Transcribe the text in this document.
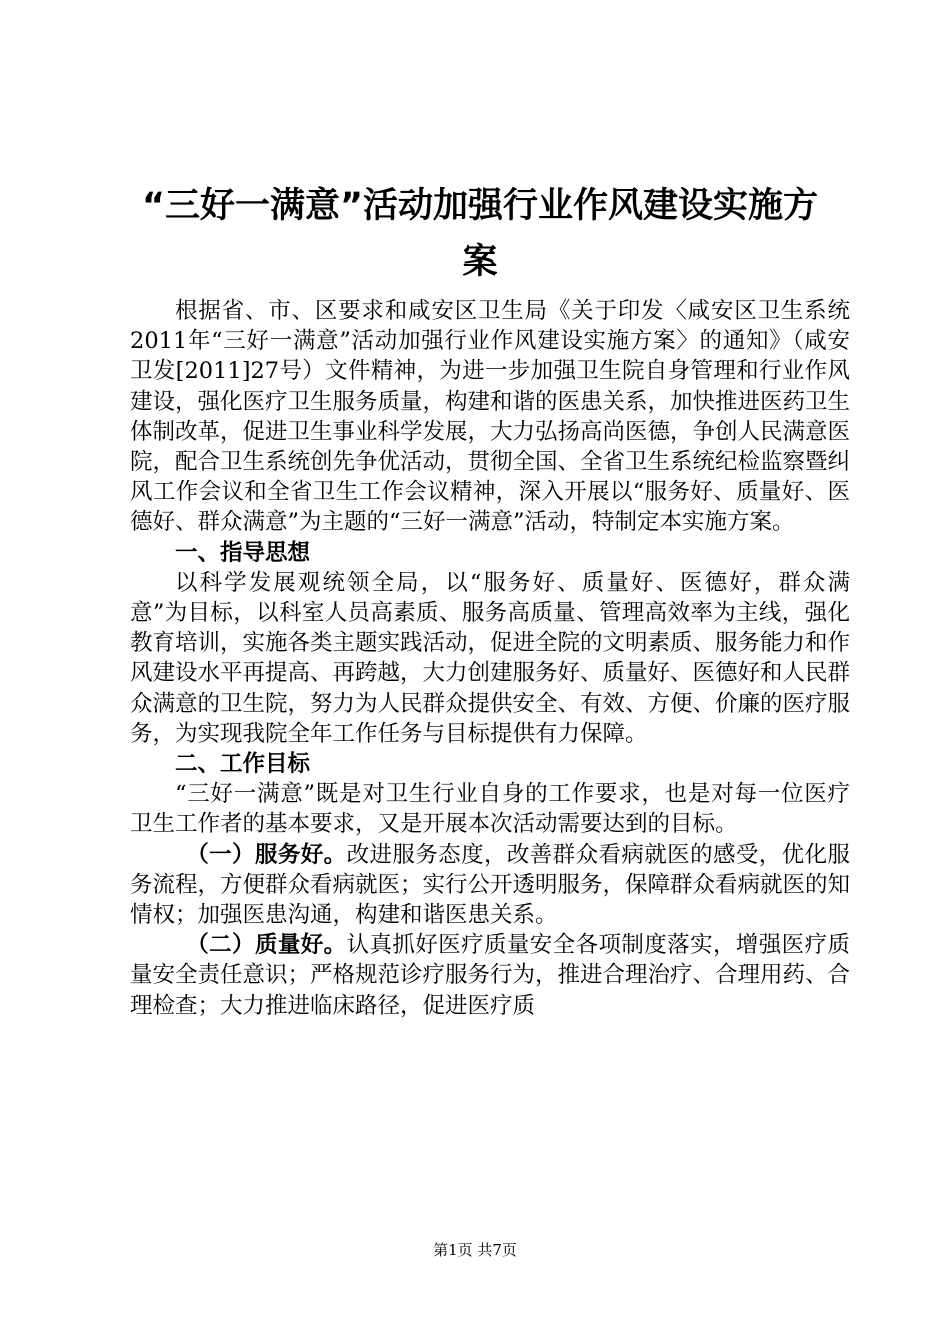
“三好一满意”活动加强行业作风建设实施方
案

根据省、市、区要求和咸安区卫生局《关于印发〈咸安区卫生系统2011年“三好一满意”活动加强行业作风建设实施方案〉的通知》（咸安卫发[2011]27号）文件精神，为进一步加强卫生院自身管理和行业作风建设，强化医疗卫生服务质量，构建和谐的医患关系，加快推进医药卫生体制改革，促进卫生事业科学发展，大力弘扬高尚医德，争创人民满意医院，配合卫生系统创先争优活动，贯彻全国、全省卫生系统纪检监察暨纠风工作会议和全省卫生工作会议精神，深入开展以“服务好、质量好、医德好、群众满意”为主题的“三好一满意”活动，特制定本实施方案。

一、指导思想

以科学发展观统领全局，以“服务好、质量好、医德好，群众满意”为目标，以科室人员高素质、服务高质量、管理高效率为主线，强化教育培训，实施各类主题实践活动，促进全院的文明素质、服务能力和作风建设水平再提高、再跨越，大力创建服务好、质量好、医德好和人民群众满意的卫生院，努力为人民群众提供安全、有效、方便、价廉的医疗服务，为实现我院全年工作任务与目标提供有力保障。

二、工作目标

“三好一满意”既是对卫生行业自身的工作要求，也是对每一位医疗卫生工作者的基本要求，又是开展本次活动需要达到的目标。

（一）服务好。改进服务态度，改善群众看病就医的感受，优化服务流程，方便群众看病就医；实行公开透明服务，保障群众看病就医的知情权；加强医患沟通，构建和谐医患关系。

（二）质量好。认真抓好医疗质量安全各项制度落实，增强医疗质量安全责任意识；严格规范诊疗服务行为，推进合理治疗、合理用药、合理检查；大力推进临床路径，促进医疗质

第1页 共7页
